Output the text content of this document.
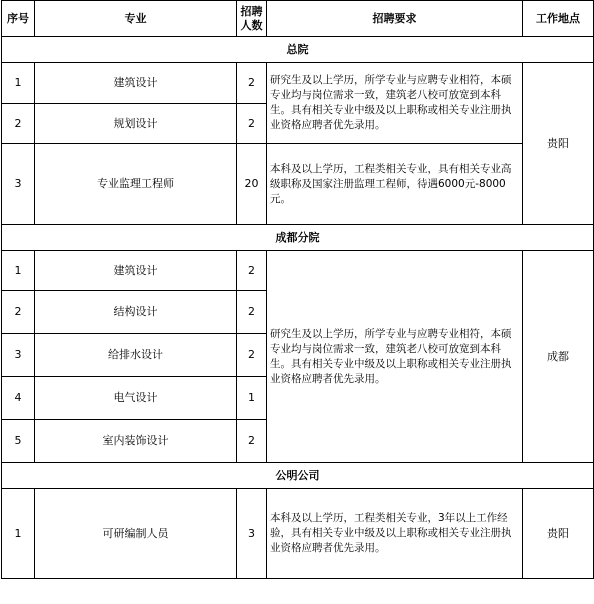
序号	专业	招聘人数	招聘要求	工作地点
总院				
1	建筑设计	2	研究生及以上学历，所学专业与应聘专业相符，本硕专业均与岗位需求一致，建筑老八校可放宽到本科生。具有相关专业中级及以上职称或相关专业注册执业资格应聘者优先录用。	贵阳
2	规划设计	2		
3	专业监理工程师	20	本科及以上学历，工程类相关专业，具有相关专业高级职称及国家注册监理工程师，待遇6000元-8000元。	
成都分院				
1	建筑设计	2	研究生及以上学历，所学专业与应聘专业相符，本硕专业均与岗位需求一致，建筑老八校可放宽到本科生。具有相关专业中级及以上职称或相关专业注册执业资格应聘者优先录用。	成都
2	结构设计	2		
3	给排水设计	2		
4	电气设计	1		
5	室内装饰设计	2		
公明公司				
1	可研编制人员	3	本科及以上学历，工程类相关专业，3年以上工作经验，具有相关专业中级及以上职称或相关专业注册执业资格应聘者优先录用。	贵阳
